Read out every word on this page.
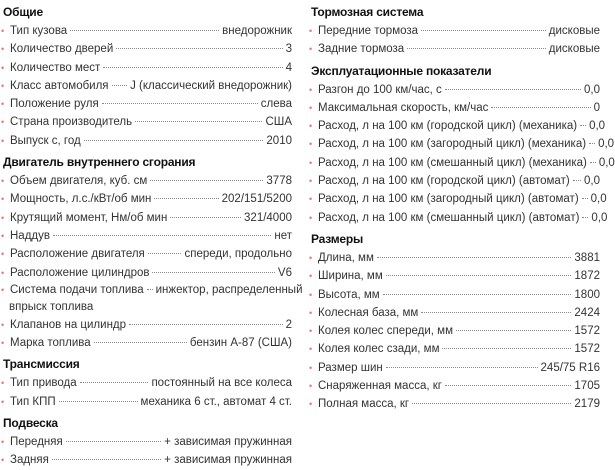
Общие
• Тип кузова	внедорожник
• Количество дверей	3
• Количество мест	4
• Класс автомобиля J (классический внедорожник)
• Положение руля	слева
• Страна производитель	США
• Выпуск с, год	2010
Двигатель внутреннего сгорания
• Объем двигателя, куб. см	3778
• Мощность, л.с./кВт/об мин	202/151/5200
• Крутящий момент, Нм/об мин	321/4000
• Наддув	нет
• Расположение двигателя	спереди, продольно
• Расположение цилиндров	V6
• Система подачи топлива инжектор, распределенный
впрыск топлива
• Клапанов на цилиндр	2
• Марка топлива	бензин А-87 (США)
Трансмиссия
• Тип привода	постоянный на все колеса
• Тип КПП	механика 6 ст., автомат 4 ст.
Подвеска
• Передняя	+ зависимая пружинная
• Задняя	+ зависимая пружинная
Тормозная система
• Передние тормоза	дисковые
• Задние тормоза	дисковые
Эксплуатационные показатели
• Разгон до 100 км/час, с	0,0
• Максимальная скорость, км/час	0
• Расход, л на 100 км (городской цикл) (механика) 0,0
• Расход, л на 100 км (загородный цикл) (механика) 0,0
• Расход, л на 100 км (смешанный цикл) (механика) 0,0
• Расход, л на 100 км (городской цикл) (автомат) 0,0
• Расход, л на 100 км (загородный цикл) (автомат) 0,0
• Расход, л на 100 км (смешанный цикл) (автомат) 0,0
Размеры
• Длина, мм	3881
• Ширина, мм	1872
• Высота, мм	1800
• Колесная база, мм	2424
• Колея колес спереди, мм	1572
• Колея колес сзади, мм	1572
• Размер шин	245/75 R16
• Снаряженная масса, кг	1705
• Полная масса, кг	2179
